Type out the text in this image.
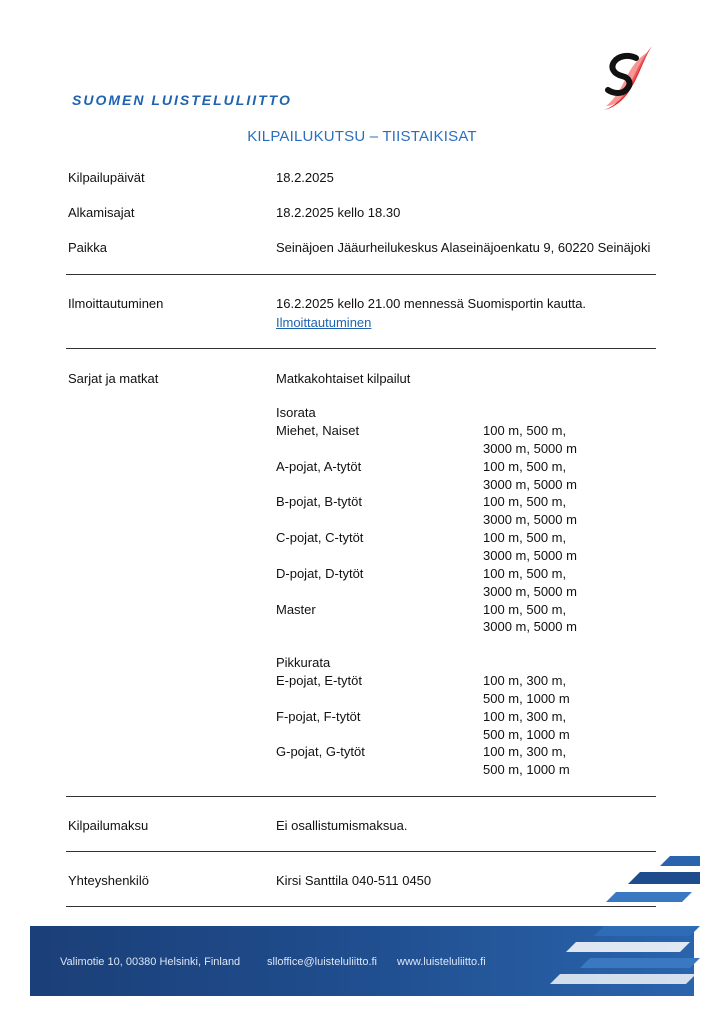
SUOMEN LUISTELULIITTO
KILPAILUKUTSU – TIISTAIKISAT
Kilpailupäivät	18.2.2025
Alkamisajat	18.2.2025 kello 18.30
Paikka	Seinäjoen Jääurheilukeskus Alaseinäjoenkatu 9, 60220 Seinäjoki
Ilmoittautuminen	16.2.2025 kello 21.00 mennessä Suomisportin kautta.
Ilmoittautuminen
Sarjat ja matkat	Matkakohtaiset kilpailut
Isorata
Miehet, Naiset	100 m, 500 m,
3000 m, 5000 m
A-pojat, A-tytöt	100 m, 500 m,
3000 m, 5000 m
B-pojat, B-tytöt	100 m, 500 m,
3000 m, 5000 m
C-pojat, C-tytöt	100 m, 500 m,
3000 m, 5000 m
D-pojat, D-tytöt	100 m, 500 m,
3000 m, 5000 m
Master	100 m, 500 m,
3000 m, 5000 m
Pikkurata
E-pojat, E-tytöt	100 m, 300 m,
500 m, 1000 m
F-pojat, F-tytöt	100 m, 300 m,
500 m, 1000 m
G-pojat, G-tytöt	100 m, 300 m,
500 m, 1000 m
Kilpailumaksu	Ei osallistumismaksua.
Yhteyshenkilö	Kirsi Santtila 040-511 0450
Valimotie 10, 00380 Helsinki, Finland slloffice@luisteluliitto.fi www.luisteluliitto.fi
